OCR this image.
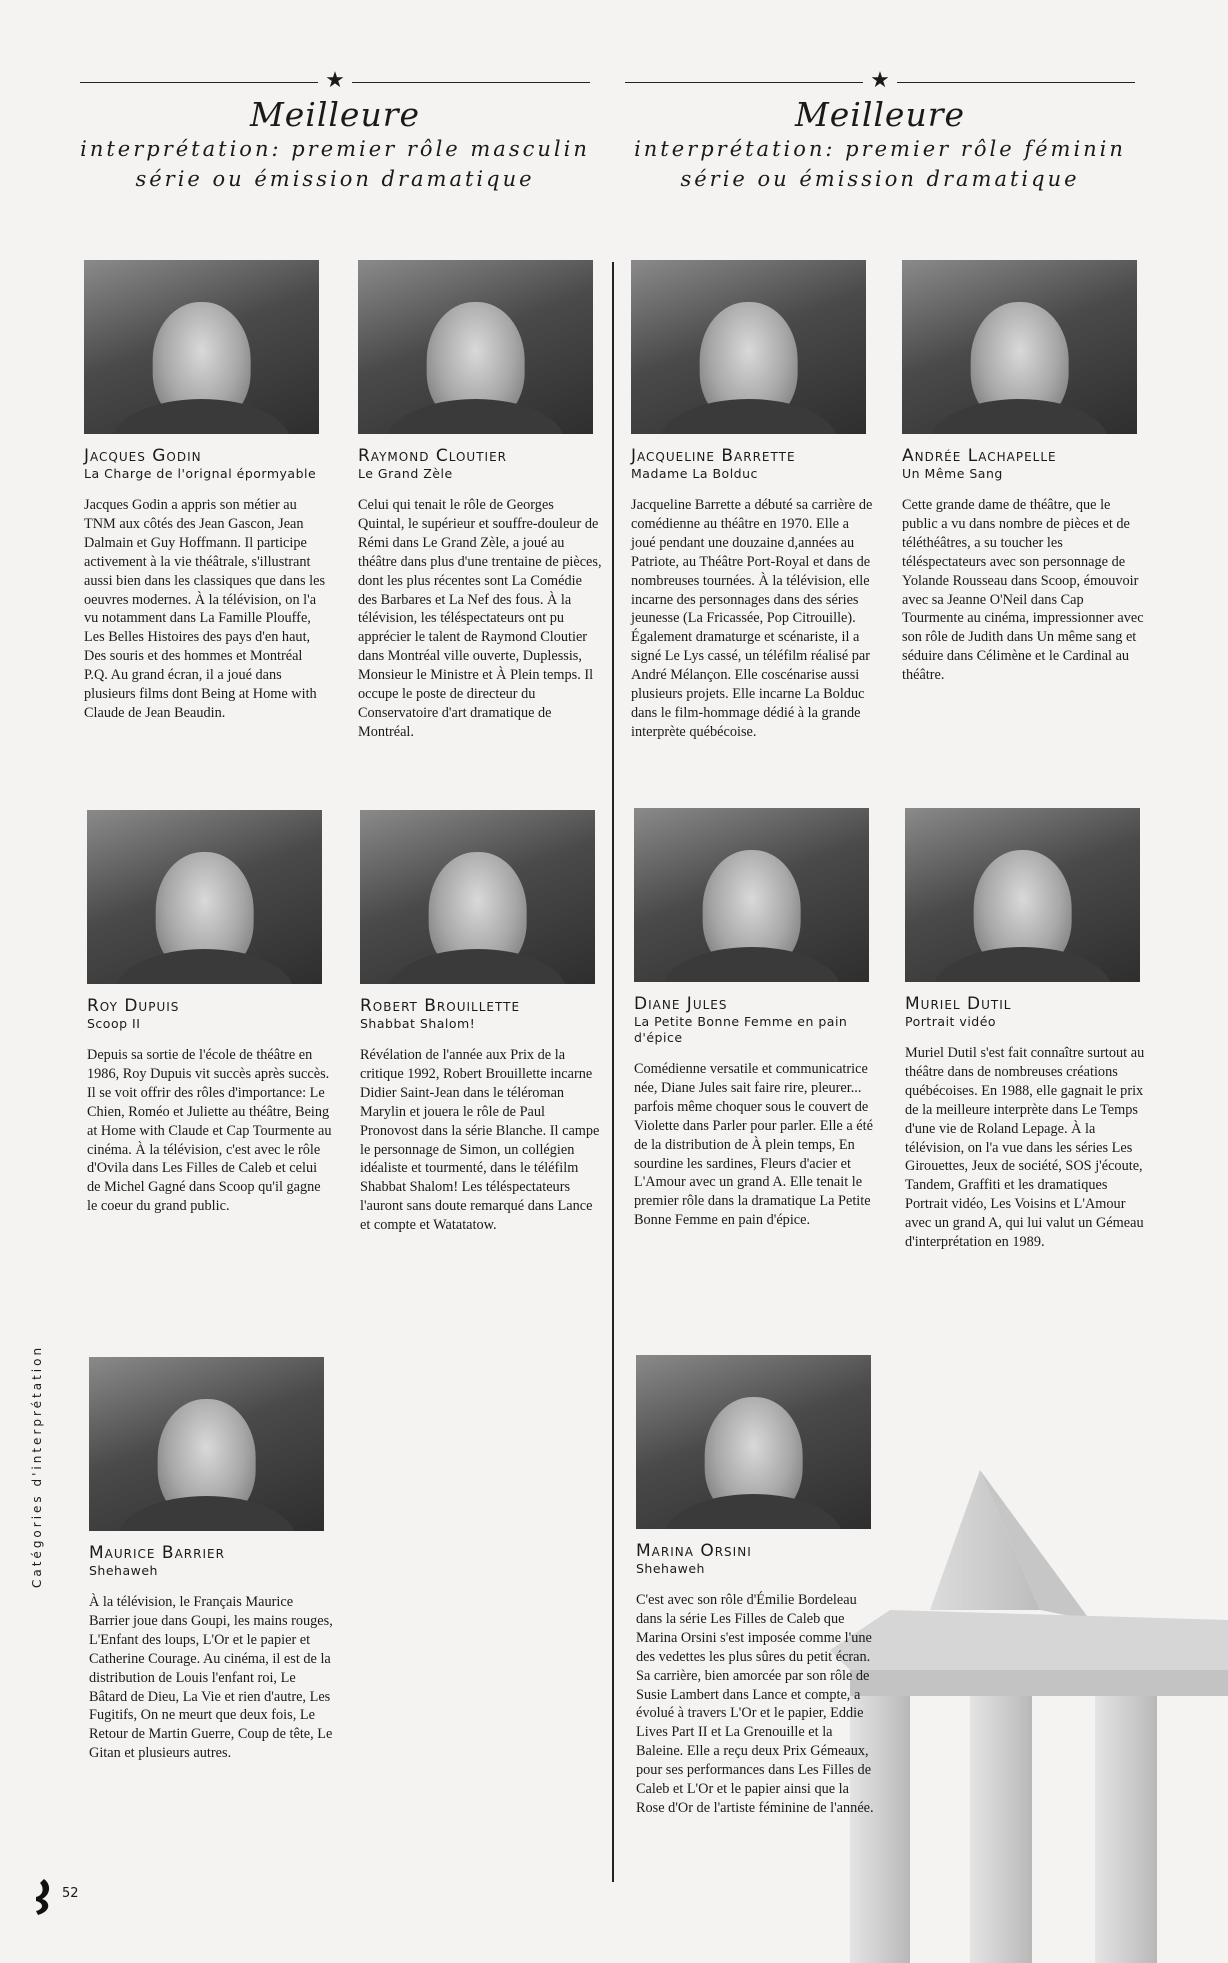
★
Meilleure
interprétation: premier rôle masculin
série ou émission dramatique
★
Meilleure
interprétation: premier rôle féminin
série ou émission dramatique
Jacques Godin
La Charge de l'orignal épormyable
Jacques Godin a appris son métier au TNM aux côtés des Jean Gascon, Jean Dalmain et Guy Hoffmann. Il participe activement à la vie théâtrale, s'illustrant aussi bien dans les classiques que dans les oeuvres modernes. À la télévision, on l'a vu notamment dans La Famille Plouffe, Les Belles Histoires des pays d'en haut, Des souris et des hommes et Montréal P.Q. Au grand écran, il a joué dans plusieurs films dont Being at Home with Claude de Jean Beaudin.
Raymond Cloutier
Le Grand Zèle
Celui qui tenait le rôle de Georges Quintal, le supérieur et souffre-douleur de Rémi dans Le Grand Zèle, a joué au théâtre dans plus d'une trentaine de pièces, dont les plus récentes sont La Comédie des Barbares et La Nef des fous. À la télévision, les téléspectateurs ont pu apprécier le talent de Raymond Cloutier dans Montréal ville ouverte, Duplessis, Monsieur le Ministre et À Plein temps. Il occupe le poste de directeur du Conservatoire d'art dramatique de Montréal.
Jacqueline Barrette
Madame La Bolduc
Jacqueline Barrette a débuté sa carrière de comédienne au théâtre en 1970. Elle a joué pendant une douzaine d,années au Patriote, au Théâtre Port-Royal et dans de nombreuses tournées. À la télévision, elle incarne des personnages dans des séries jeunesse (La Fricassée, Pop Citrouille). Également dramaturge et scénariste, il a signé Le Lys cassé, un téléfilm réalisé par André Mélançon. Elle coscénarise aussi plusieurs projets. Elle incarne La Bolduc dans le film-hommage dédié à la grande interprète québécoise.
Andrée Lachapelle
Un Même Sang
Cette grande dame de théâtre, que le public a vu dans nombre de pièces et de téléthéâtres, a su toucher les téléspectateurs avec son personnage de Yolande Rousseau dans Scoop, émouvoir avec sa Jeanne O'Neil dans Cap Tourmente au cinéma, impressionner avec son rôle de Judith dans Un même sang et séduire dans Célimène et le Cardinal au théâtre.
Roy Dupuis
Scoop II
Depuis sa sortie de l'école de théâtre en 1986, Roy Dupuis vit succès après succès. Il se voit offrir des rôles d'importance: Le Chien, Roméo et Juliette au théâtre, Being at Home with Claude et Cap Tourmente au cinéma. À la télévision, c'est avec le rôle d'Ovila dans Les Filles de Caleb et celui de Michel Gagné dans Scoop qu'il gagne le coeur du grand public.
Robert Brouillette
Shabbat Shalom!
Révélation de l'année aux Prix de la critique 1992, Robert Brouillette incarne Didier Saint-Jean dans le téléroman Marylin et jouera le rôle de Paul Pronovost dans la série Blanche. Il campe le personnage de Simon, un collégien idéaliste et tourmenté, dans le téléfilm Shabbat Shalom! Les téléspectateurs l'auront sans doute remarqué dans Lance et compte et Watatatow.
Diane Jules
La Petite Bonne Femme en pain d'épice
Comédienne versatile et communicatrice née, Diane Jules sait faire rire, pleurer... parfois même choquer sous le couvert de Violette dans Parler pour parler. Elle a été de la distribution de À plein temps, En sourdine les sardines, Fleurs d'acier et L'Amour avec un grand A. Elle tenait le premier rôle dans la dramatique La Petite Bonne Femme en pain d'épice.
Muriel Dutil
Portrait vidéo
Muriel Dutil s'est fait connaître surtout au théâtre dans de nombreuses créations québécoises. En 1988, elle gagnait le prix de la meilleure interprète dans Le Temps d'une vie de Roland Lepage. À la télévision, on l'a vue dans les séries Les Girouettes, Jeux de société, SOS j'écoute, Tandem, Graffiti et les dramatiques Portrait vidéo, Les Voisins et L'Amour avec un grand A, qui lui valut un Gémeau d'interprétation en 1989.
Maurice Barrier
Shehaweh
À la télévision, le Français Maurice Barrier joue dans Goupi, les mains rouges, L'Enfant des loups, L'Or et le papier et Catherine Courage. Au cinéma, il est de la distribution de Louis l'enfant roi, Le Bâtard de Dieu, La Vie et rien d'autre, Les Fugitifs, On ne meurt que deux fois, Le Retour de Martin Guerre, Coup de tête, Le Gitan et plusieurs autres.
Marina Orsini
Shehaweh
C'est avec son rôle d'Émilie Bordeleau dans la série Les Filles de Caleb que Marina Orsini s'est imposée comme l'une des vedettes les plus sûres du petit écran. Sa carrière, bien amorcée par son rôle de Susie Lambert dans Lance et compte, a évolué à travers L'Or et le papier, Eddie Lives Part II et La Grenouille et la Baleine. Elle a reçu deux Prix Gémeaux, pour ses performances dans Les Filles de Caleb et L'Or et le papier ainsi que la Rose d'Or de l'artiste féminine de l'année.
Catégories d'interprétation
52
